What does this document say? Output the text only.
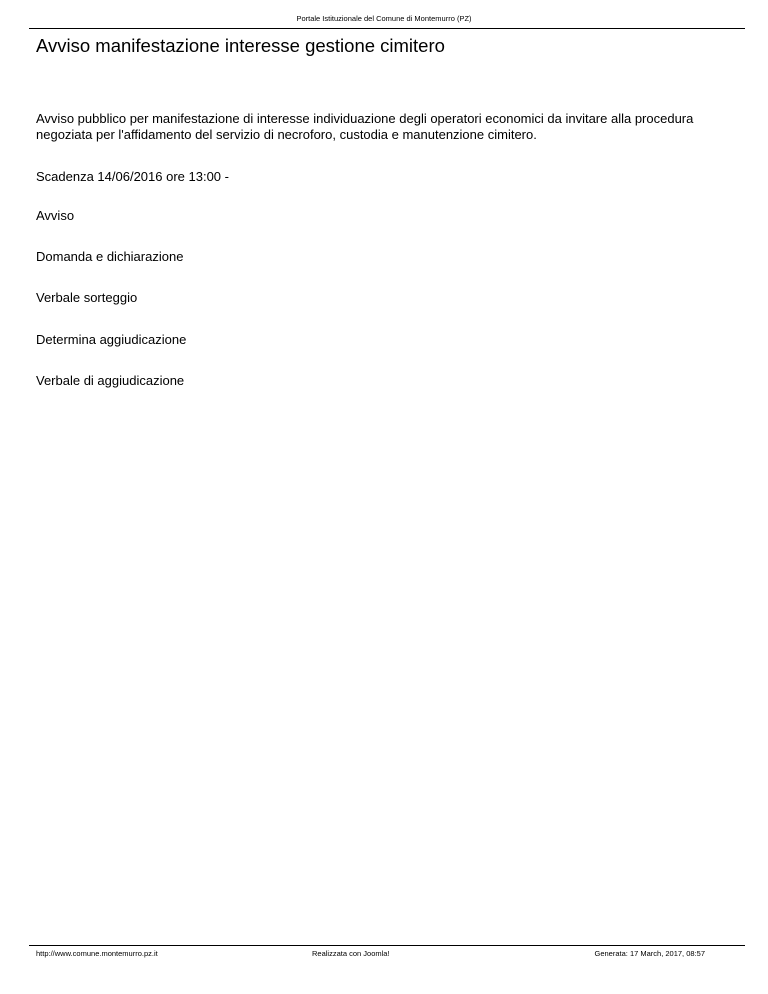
Portale Istituzionale del Comune di Montemurro (PZ)
Avviso manifestazione interesse gestione cimitero

Avviso pubblico per manifestazione di interesse individuazione degli operatori economici da invitare alla procedura negoziata per l'affidamento del servizio di necroforo, custodia e manutenzione cimitero.

Scadenza 14/06/2016 ore 13:00 -

Avviso
Domanda e dichiarazione
Verbale sorteggio
Determina aggiudicazione
Verbale di aggiudicazione
http://www.comune.montemurro.pz.it	Realizzata con Joomla!	Generata: 17 March, 2017, 08:57
